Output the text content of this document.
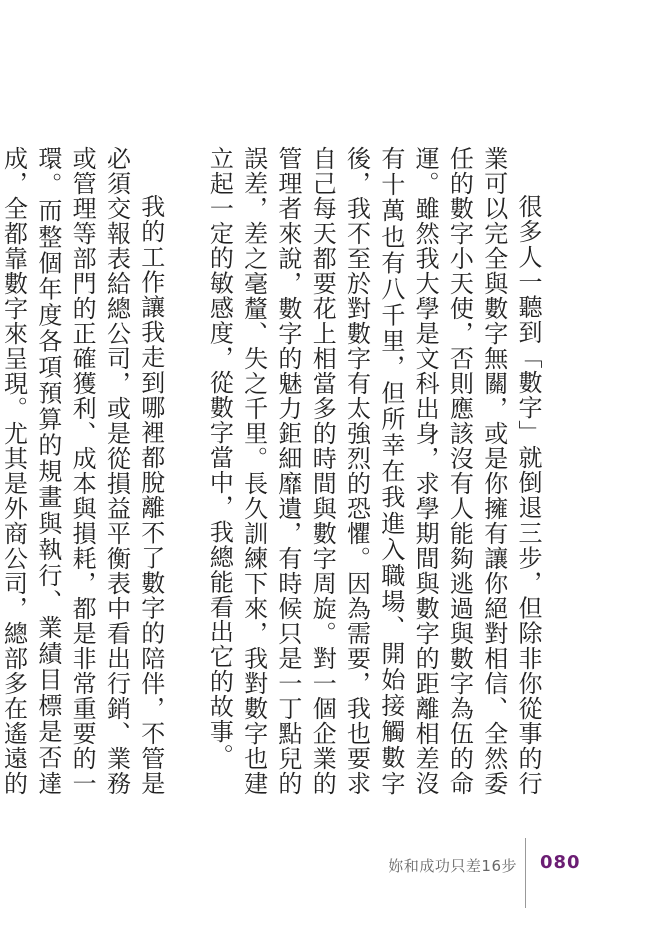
很多人一聽到「數字」就倒退三步，但除非你從事的行業可以完全與數字無關，或是你擁有讓你絕對相信、全然委任的數字小天使，否則應該沒有人能夠逃過與數字為伍的命運。雖然我大學是文科出身，求學期間與數字的距離相差沒有十萬也有八千里，但所幸在我進入職場、開始接觸數字後，我不至於對數字有太強烈的恐懼。因為需要，我也要求自己每天都要花上相當多的時間與數字周旋。對一個企業的管理者來說，數字的魅力鉅細靡遺，有時候只是一丁點兒的誤差，差之毫釐、失之千里。長久訓練下來，我對數字也建立起一定的敏感度，從數字當中，我總能看出它的故事。

我的工作讓我走到哪裡都脫離不了數字的陪伴，不管是必須交報表給總公司，或是從損益平衡表中看出行銷、業務或管理等部門的正確獲利、成本與損耗，都是非常重要的一環。而整個年度各項預算的規畫與執行、業績目標是否達成，全都靠數字來呈現。尤其是外商公司，總部多在遙遠的

妳和成功只差16步 080
